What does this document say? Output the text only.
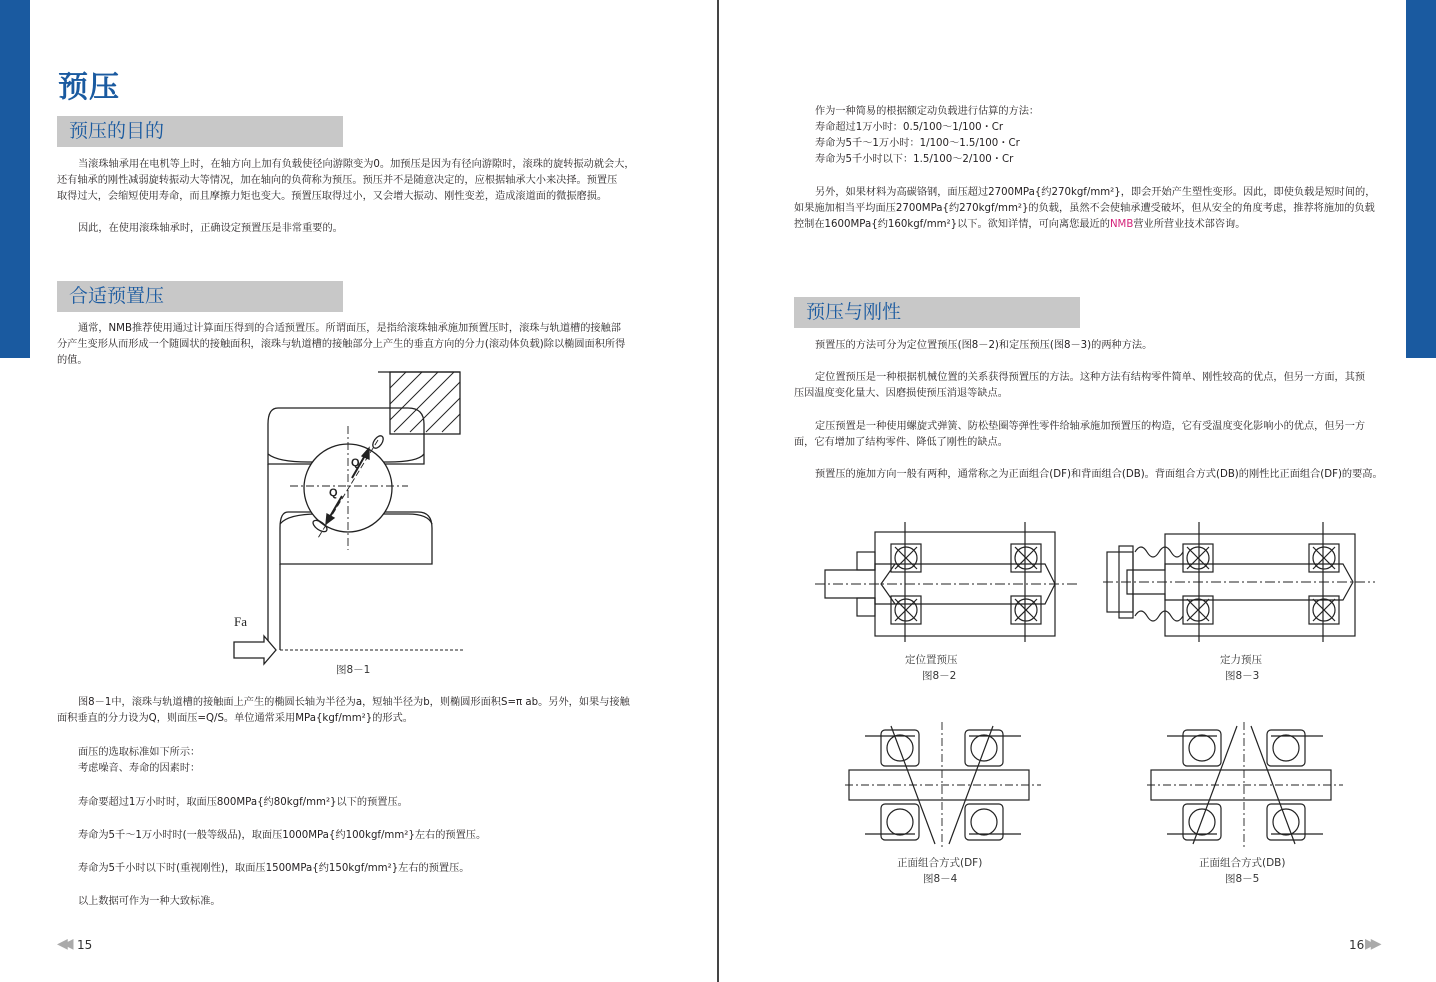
预压
预压的目的
当滚珠轴承用在电机等上时，在轴方向上加有负载使径向游隙变为0。加预压是因为有径向游隙时，滚珠的旋转振动就会大，
还有轴承的刚性减弱旋转振动大等情况，加在轴向的负荷称为预压。预压并不是随意决定的，应根据轴承大小来决择。预置压
取得过大，会缩短使用寿命，而且摩擦力矩也变大。预置压取得过小，又会增大振动、刚性变差，造成滚道面的微振磨损。
因此，在使用滚珠轴承时，正确设定预置压是非常重要的。
合适预置压
通常，NMB推荐使用通过计算面压得到的合适预置压。所谓面压，是指给滚珠轴承施加预置压时，滚珠与轨道槽的接触部
分产生变形从而形成一个随圆状的接触面积，滚珠与轨道槽的接触部分上产生的垂直方向的分力(滚动体负载)除以椭圆面积所得
的值。
Fa
Q
Q
图8－1
图8－1中，滚珠与轨道槽的接触面上产生的椭圆长轴为半径为a，短轴半径为b，则椭圆形面积S=π ab。另外，如果与接触
面积垂直的分力设为Q，则面压=Q/S。单位通常采用MPa{kgf/mm²}的形式。
面压的选取标准如下所示：
考虑噪音、寿命的因素时：
寿命要超过1万小时时，取面压800MPa{约80kgf/mm²}以下的预置压。
寿命为5千～1万小时时(一般等级品)，取面压1000MPa{约100kgf/mm²}左右的预置压。
寿命为5千小时以下时(重视刚性)，取面压1500MPa{约150kgf/mm²}左右的预置压。
以上数据可作为一种大致标准。
◀◀ 15
作为一种简易的根据额定动负载进行估算的方法：
寿命超过1万小时：0.5/100～1/100・Cr
寿命为5千～1万小时：1/100～1.5/100・Cr
寿命为5千小时以下：1.5/100～2/100・Cr
另外，如果材料为高碳铬钢，面压超过2700MPa{约270kgf/mm²}，即会开始产生塑性变形。因此，即使负载是短时间的，
如果施加相当平均面压2700MPa{约270kgf/mm²}的负载，虽然不会使轴承遭受破坏，但从安全的角度考虑，推荐将施加的负载
控制在1600MPa{约160kgf/mm²}以下。欲知详情，可向离您最近的NMB营业所营业技术部咨询。
预压与刚性
预置压的方法可分为定位置预压(图8－2)和定压预压(图8－3)的两种方法。
定位置预压是一种根据机械位置的关系获得预置压的方法。这种方法有结构零件简单、刚性较高的优点，但另一方面，其预
压因温度变化量大、因磨损使预压消退等缺点。
定压预置是一种使用螺旋式弹簧、防松垫圈等弹性零件给轴承施加预置压的构造，它有受温度变化影响小的优点，但另一方
面，它有增加了结构零件、降低了刚性的缺点。
预置压的施加方向一般有两种，通常称之为正面组合(DF)和背面组合(DB)。背面组合方式(DB)的刚性比正面组合(DF)的要高。
定位置预压
图8－2
定力预压
图8－3
正面组合方式(DF)
图8－4
正面组合方式(DB)
图8－5
16 ▶▶
